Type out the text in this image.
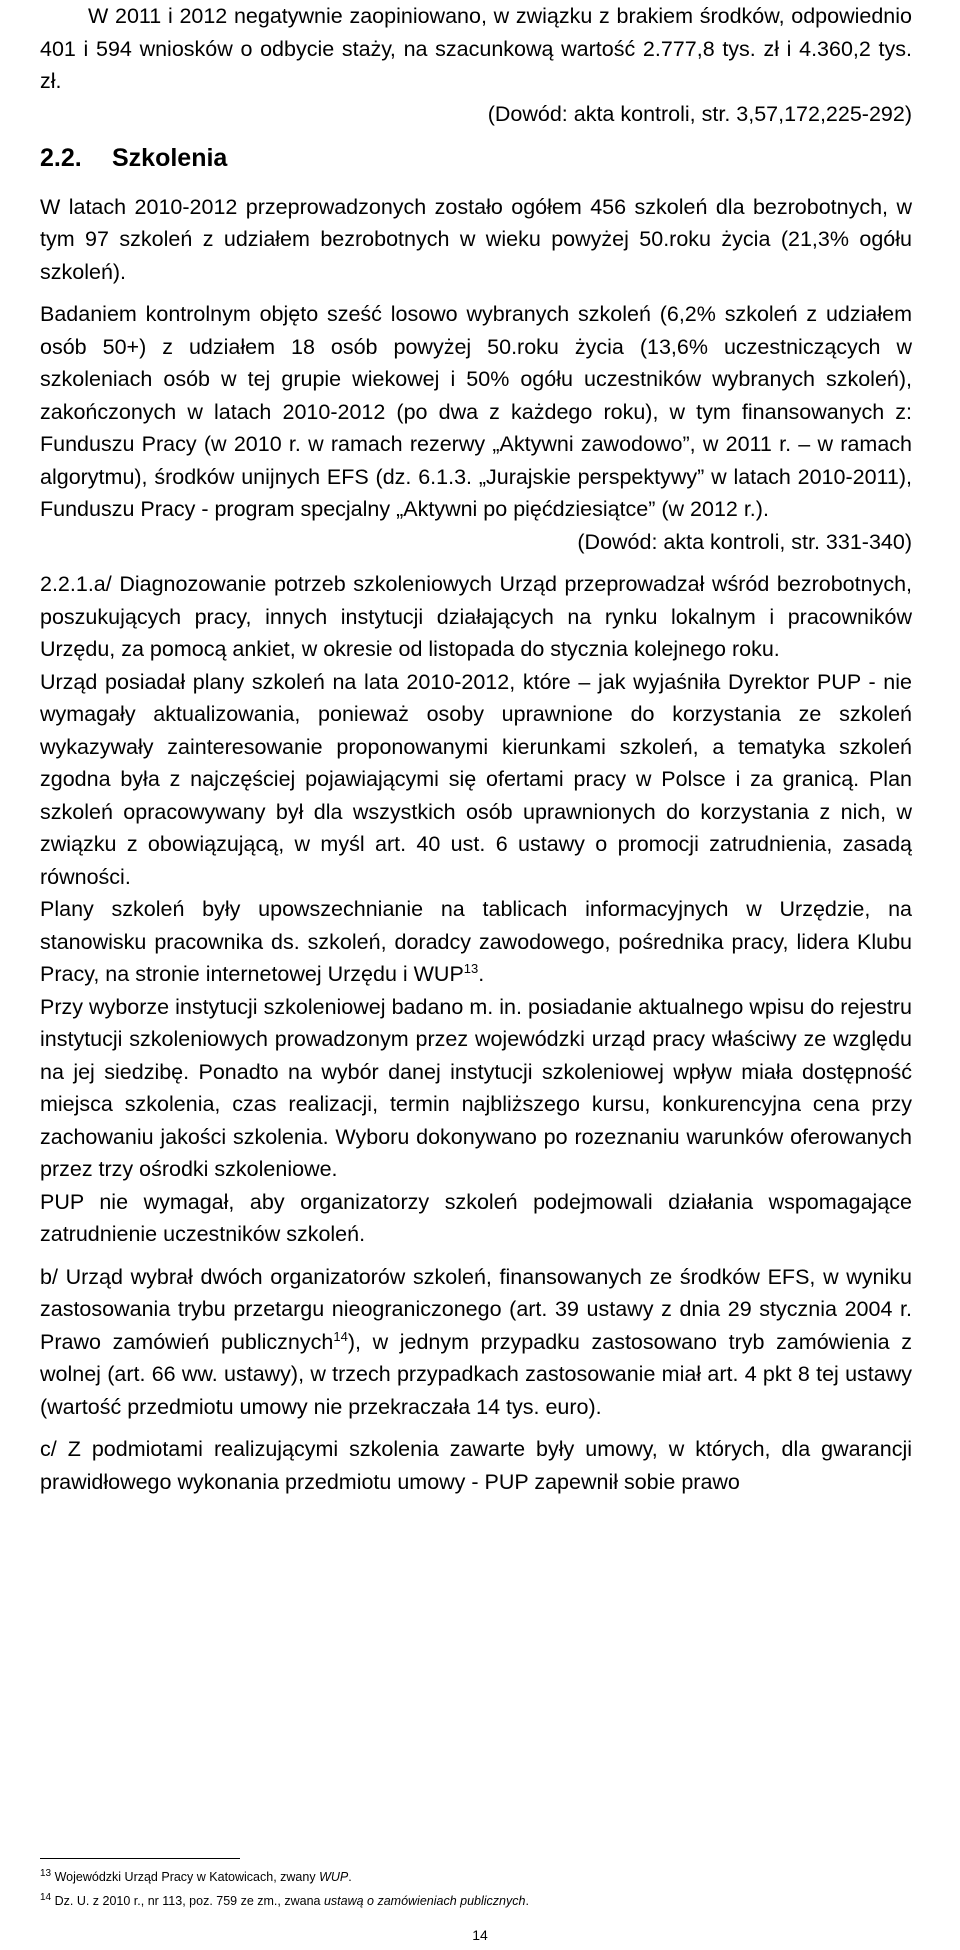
W 2011 i 2012 negatywnie zaopiniowano, w związku z brakiem środków, odpowiednio 401 i 594 wniosków o odbycie stażу, na szacunkową wartość 2.777,8 tys. zł i 4.360,2 tys. zł.

(Dowód: akta kontroli, str. 3,57,172,225-292)

2.2. Szkolenia

W latach 2010-2012 przeprowadzonych zostało ogółem 456 szkoleń dla bezrobotnych, w tym 97 szkoleń z udziałem bezrobotnych w wieku powyżej 50.roku życia (21,3% ogółu szkoleń).

Badaniem kontrolnym objęto sześć losowo wybranych szkoleń (6,2% szkoleń z udziałem osób 50+) z udziałem 18 osób powyżej 50.roku życia (13,6% uczestniczących w szkoleniach osób w tej grupie wiekowej i 50% ogółu uczestników wybranych szkoleń), zakończonych w latach 2010-2012 (po dwa z każdego roku), w tym finansowanych z: Funduszu Pracy (w 2010 r. w ramach rezerwy „Aktywni zawodowo”, w 2011 r. – w ramach algorytmu), środków unijnych EFS (dz. 6.1.3. „Jurajskie perspektywy” w latach 2010-2011), Funduszu Pracy - program specjalny „Aktywni po pięćdziesiątce” (w 2012 r.).

(Dowód: akta kontroli, str. 331-340)

2.2.1.a/ Diagnozowanie potrzeb szkoleniowych Urząd przeprowadzał wśród bezrobotnych, poszukujących pracy, innych instytucji działających na rynku lokalnym i pracowników Urzędu, za pomocą ankiet, w okresie od listopada do stycznia kolejnego roku.

Urząd posiadał plany szkoleń na lata 2010-2012, które – jak wyjaśniła Dyrektor PUP - nie wymagały aktualizowania, ponieważ osoby uprawnione do korzystania ze szkoleń wykazywały zainteresowanie proponowanymi kierunkami szkoleń, a tematyka szkoleń zgodna była z najczęściej pojawiającymi się ofertami pracy w Polsce i za granicą. Plan szkoleń opracowywany był dla wszystkich osób uprawnionych do korzystania z nich, w związku z obowiązującą, w myśl art. 40 ust. 6 ustawy o promocji zatrudnienia, zasadą równości.

Plany szkoleń były upowszechnianie na tablicach informacyjnych w Urzędzie, na stanowisku pracownika ds. szkoleń, doradcy zawodowego, pośrednika pracy, lidera Klubu Pracy, na stronie internetowej Urzędu i WUP$^{13}$.

Przy wyborze instytucji szkoleniowej badano m. in. posiadanie aktualnego wpisu do rejestru instytucji szkoleniowych prowadzonym przez wojewódzki urząd pracy właściwy ze względu na jej siedzibę. Ponadto na wybór danej instytucji szkoleniowej wpływ miała dostępność miejsca szkolenia, czas realizacji, termin najbliższego kursu, konkurencyjna cena przy zachowaniu jakości szkolenia. Wyboru dokonywano po rozeznaniu warunków oferowanych przez trzy ośrodki szkoleniowe.

PUP nie wymagał, aby organizatorzy szkoleń podejmowali działania wspomagające zatrudnienie uczestników szkoleń.

b/ Urząd wybrał dwóch organizatorów szkoleń, finansowanych ze środków EFS, w wyniku zastosowania trybu przetargu nieograniczonego (art. 39 ustawy z dnia 29 stycznia 2004 r. Prawo zamówień publicznych$^{14}$), w jednym przypadku zastosowano tryb zamówienia z wolnej (art. 66 ww. ustawy), w trzech przypadkach zastosowanie miał art. 4 pkt 8 tej ustawy (wartość przedmiotu umowy nie przekraczała 14 tys. euro).

c/ Z podmiotami realizującymi szkolenia zawarte były umowy, w których, dla gwarancji prawidłowego wykonania przedmiotu umowy - PUP zapewnił sobie prawo

$^{13}$ Wojewódzki Urząd Pracy w Katowicach, zwany WUP.

$^{14}$ Dz. U. z 2010 r., nr 113, poz. 759 ze zm., zwana ustawą o zamówieniach publicznych.

14
